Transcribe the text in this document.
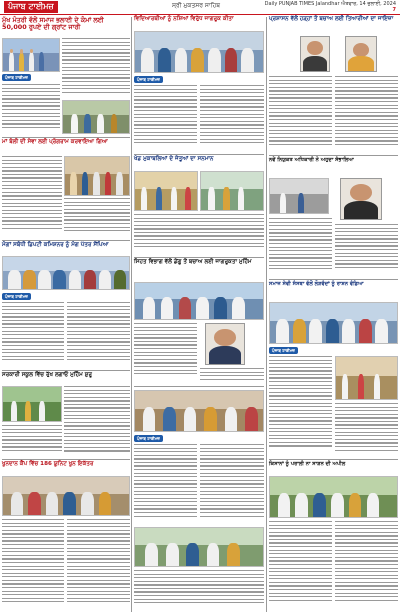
ਪੰਜਾਬ ਟਾਈਮਜ਼	ਸ੍ਰੀ ਮੁਕਤਸਰ ਸਾਹਿਬ	Daily PUNJAB TIMES Jalandhar ਐਤਵਾਰ, 14 ਜੁਲਾਈ, 2024
7
ਮੁੱਖ ਮੰਤਰੀ ਵੱਲੋਂ ਸਮਾਜ ਭਲਾਈ ਦੇ ਕੰਮਾਂ ਲਈ 50,000 ਰੁਪਏ ਦੀ ਗ੍ਰਾਂਟ ਜਾਰੀ
ਪੰਜਾਬ ਟਾਈਮਜ਼
ਮਾਂ ਬੋਲੀ ਦੀ ਸੇਵਾ ਲਈ ਪ੍ਰੋਗਰਾਮ ਕਰਵਾਇਆ ਗਿਆ
ਮੰਗਾਂ ਸਬੰਧੀ ਡਿਪਟੀ ਕਮਿਸ਼ਨਰ ਨੂੰ ਮੰਗ ਪੱਤਰ ਸੌਂਪਿਆ
ਪੰਜਾਬ ਟਾਈਮਜ਼
ਸਰਕਾਰੀ ਸਕੂਲ ਵਿੱਚ ਰੁੱਖ ਲਗਾਓ ਮੁਹਿੰਮ ਸ਼ੁਰੂ
ਖੂਨਦਾਨ ਕੈਂਪ ਵਿੱਚ 186 ਯੂਨਿਟ ਖੂਨ ਇਕੱਤਰ
ਵਿਦਿਆਰਥੀਆਂ ਨੂੰ ਨਸ਼ਿਆਂ ਵਿਰੁੱਧ ਜਾਗਰੂਕ ਕੀਤਾ
ਪੰਜਾਬ ਟਾਈਮਜ਼
ਖੇਡ ਮੁਕਾਬਲਿਆਂ ਦੇ ਜੇਤੂਆਂ ਦਾ ਸਨਮਾਨ
ਸਿਹਤ ਵਿਭਾਗ ਵੱਲੋਂ ਡੇਂਗੂ ਤੋਂ ਬਚਾਅ ਲਈ ਜਾਗਰੂਕਤਾ ਮੁਹਿੰਮ
ਪੰਜਾਬ ਟਾਈਮਜ਼
ਪ੍ਰਸ਼ਾਸਨ ਵੱਲੋਂ ਹੜ੍ਹਾਂ ਤੋਂ ਬਚਾਅ ਲਈ ਤਿਆਰੀਆਂ ਦਾ ਜਾਇਜ਼ਾ
ਨਵੇਂ ਨਿਯੁਕਤ ਅਧਿਕਾਰੀ ਨੇ ਅਹੁਦਾ ਸੰਭਾਲਿਆ
ਸਮਾਜ ਸੇਵੀ ਸੰਸਥਾ ਵੱਲੋਂ ਲੋੜਵੰਦਾਂ ਨੂੰ ਰਾਸ਼ਨ ਵੰਡਿਆ
ਪੰਜਾਬ ਟਾਈਮਜ਼
ਕਿਸਾਨਾਂ ਨੂੰ ਪਰਾਲੀ ਨਾ ਸਾੜਨ ਦੀ ਅਪੀਲ
